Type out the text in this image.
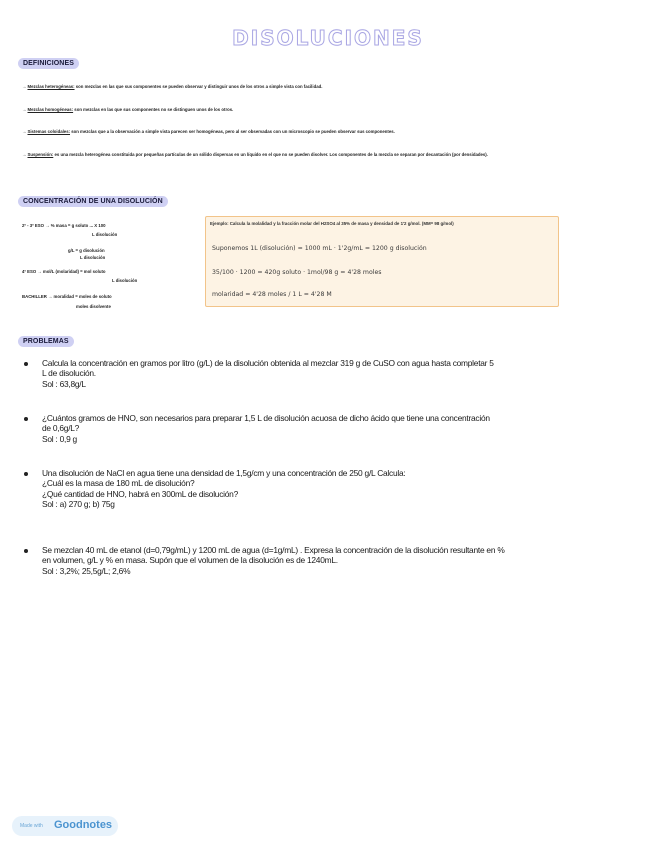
DISOLUCIONES
DEFINICIONES
→ Mezclas heterogéneas: son mezclas en las que sus componentes se pueden observar y distinguir unos de los otros a simple vista con facilidad.
→ Mezclas homogéneas: son mezclas en las que sus componentes no se distinguen unos de los otros.
→ Sistemas coloidales: son mezclas que a la observación a simple vista parecen ser homogéneas, pero al ser observadas con un microscopio se pueden observar sus componentes.
→ Suspensión: es una mezcla heterogénea constituida por pequeñas partículas de un sólido dispersas en un líquido en el que no se pueden disolver. Los componentes de la mezcla se separan por decantación (por densidades).
CONCENTRACIÓN DE UNA DISOLUCIÓN
2º - 3º ESO → % masa = g soluto ... X 100
L disolución
g/L = g disolución
L disolución
4º ESO → mol/L (molaridad) = mol soluto
L disolución
BACHILLER → moralidad = moles de soluto
moles disolvente
Ejemplo: Calcula la molalidad y la fracción molar del H2SO4 al 35% de masa y densidad de 1'2 g/mol. (MM= 98 g/mol)
Suponemos 1L (disolución) = 1000 mL · 1'2g/mL = 1200 g disolución
35/100 · 1200 = 420g soluto · 1mol/98 g = 4'28 moles
molaridad = 4'28 moles / 1 L = 4'28 M
PROBLEMAS
Calcula la concentración en gramos por litro (g/L) de la disolución obtenida al mezclar 319 g de CuSO con agua hasta completar 5
L de disolución.
Sol : 63,8g/L
¿Cuántos gramos de HNO, son necesarios para preparar 1,5 L de disolución acuosa de dicho ácido que tiene una concentración
de 0,6g/L?
Sol : 0,9 g
Una disolución de NaCl en agua tiene una densidad de 1,5g/cm y una concentración de 250 g/L Calcula:
¿Cuál es la masa de 180 mL de disolución?
¿Qué cantidad de HNO, habrá en 300mL de disolución?
Sol : a) 270 g; b) 75g
Se mezclan 40 mL de etanol (d=0,79g/mL) y 1200 mL de agua (d=1g/mL) . Expresa la concentración de la disolución resultante en %
en volumen, g/L y % en masa. Supón que el volumen de la disolución es de 1240mL.
Sol : 3,2%; 25,5g/L; 2,6%
Made with Goodnotes
